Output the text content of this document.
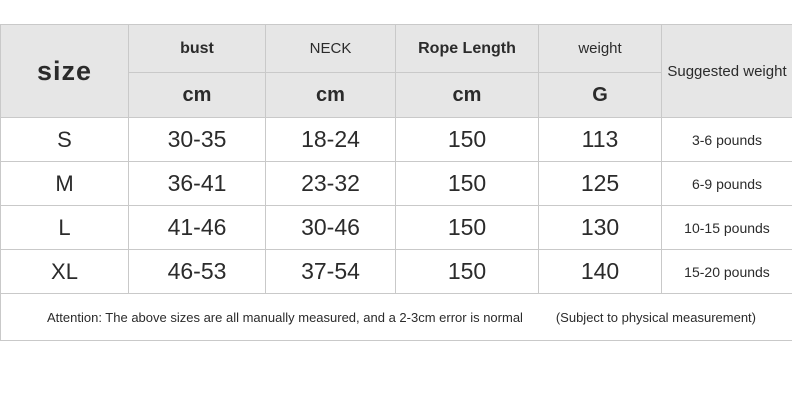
size	bust	NECK	Rope Length	weight	Suggested weight
	cm	cm	cm	G	
S	30-35	18-24	150	113	3-6 pounds
M	36-41	23-32	150	125	6-9 pounds
L	41-46	30-46	150	130	10-15 pounds
XL	46-53	37-54	150	140	15-20 pounds

Attention: The above sizes are all manually measured, and a 2-3cm error is normal (Subject to physical measurement)					
